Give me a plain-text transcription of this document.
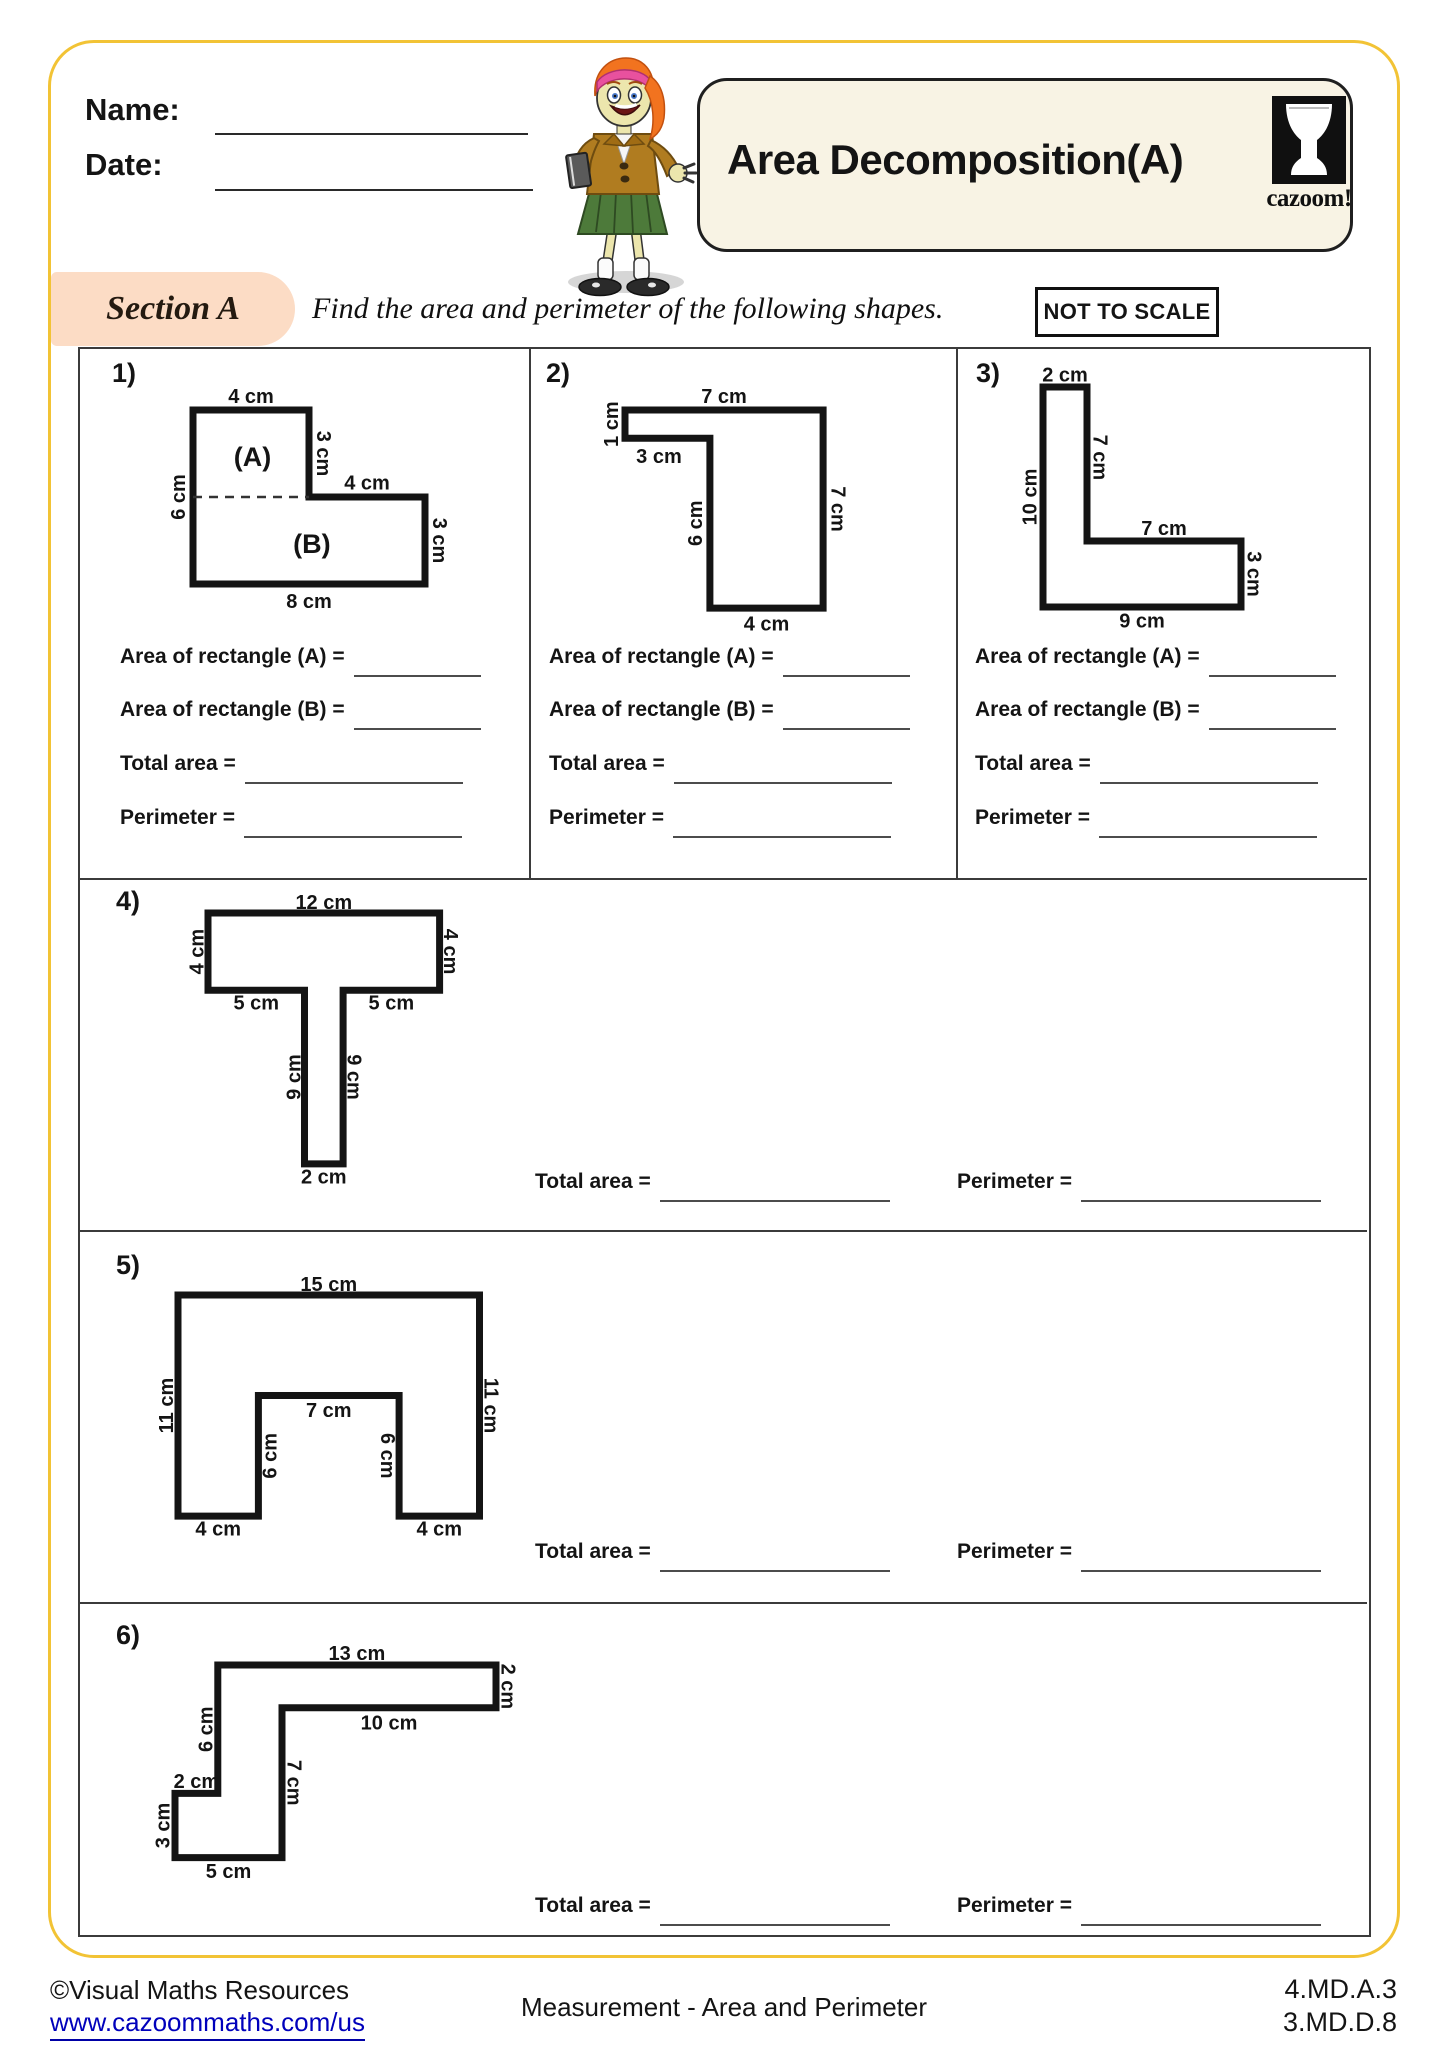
Name:
Date:	Area Decomposition(A)
cazoom!
Section A Find the area and perimeter of the following shapes.	NOT TO SCALE
1)	2)	3)
4)
5)
6)
4 cm
3 cm
4 cm
3 cm
8 cm
6 cm
(A)
(B)
7 cm
1 cm
3 cm
6 cm	7 cm
4 cm
2 cm
10 cm
7 cm
7 cm
3 cm
9 cm
12 cm
4 cm	4 cm
5 cm	5 cm
9 cm 9 cm
2 cm
15 cm
11 cm	11 cm
7 cm
6 cm	6 cm
4 cm	4 cm
13 cm
2 cm
10 cm
6 cm
7 cm
2 cm
3 cm
5 cm
Area of rectangle (A) =
Area of rectangle (B) =
Total area =
Perimeter =
Area of rectangle (A) =
Area of rectangle (B) =
Total area =
Perimeter =
Area of rectangle (A) =
Area of rectangle (B) =
Total area =
Perimeter =
Total area =	Perimeter =
Total area =	Perimeter =
Total area =	Perimeter =
©Visual Maths Resources
www.cazoommaths.com/us	Measurement - Area and Perimeter
4.MD.A.3
3.MD.D.8
